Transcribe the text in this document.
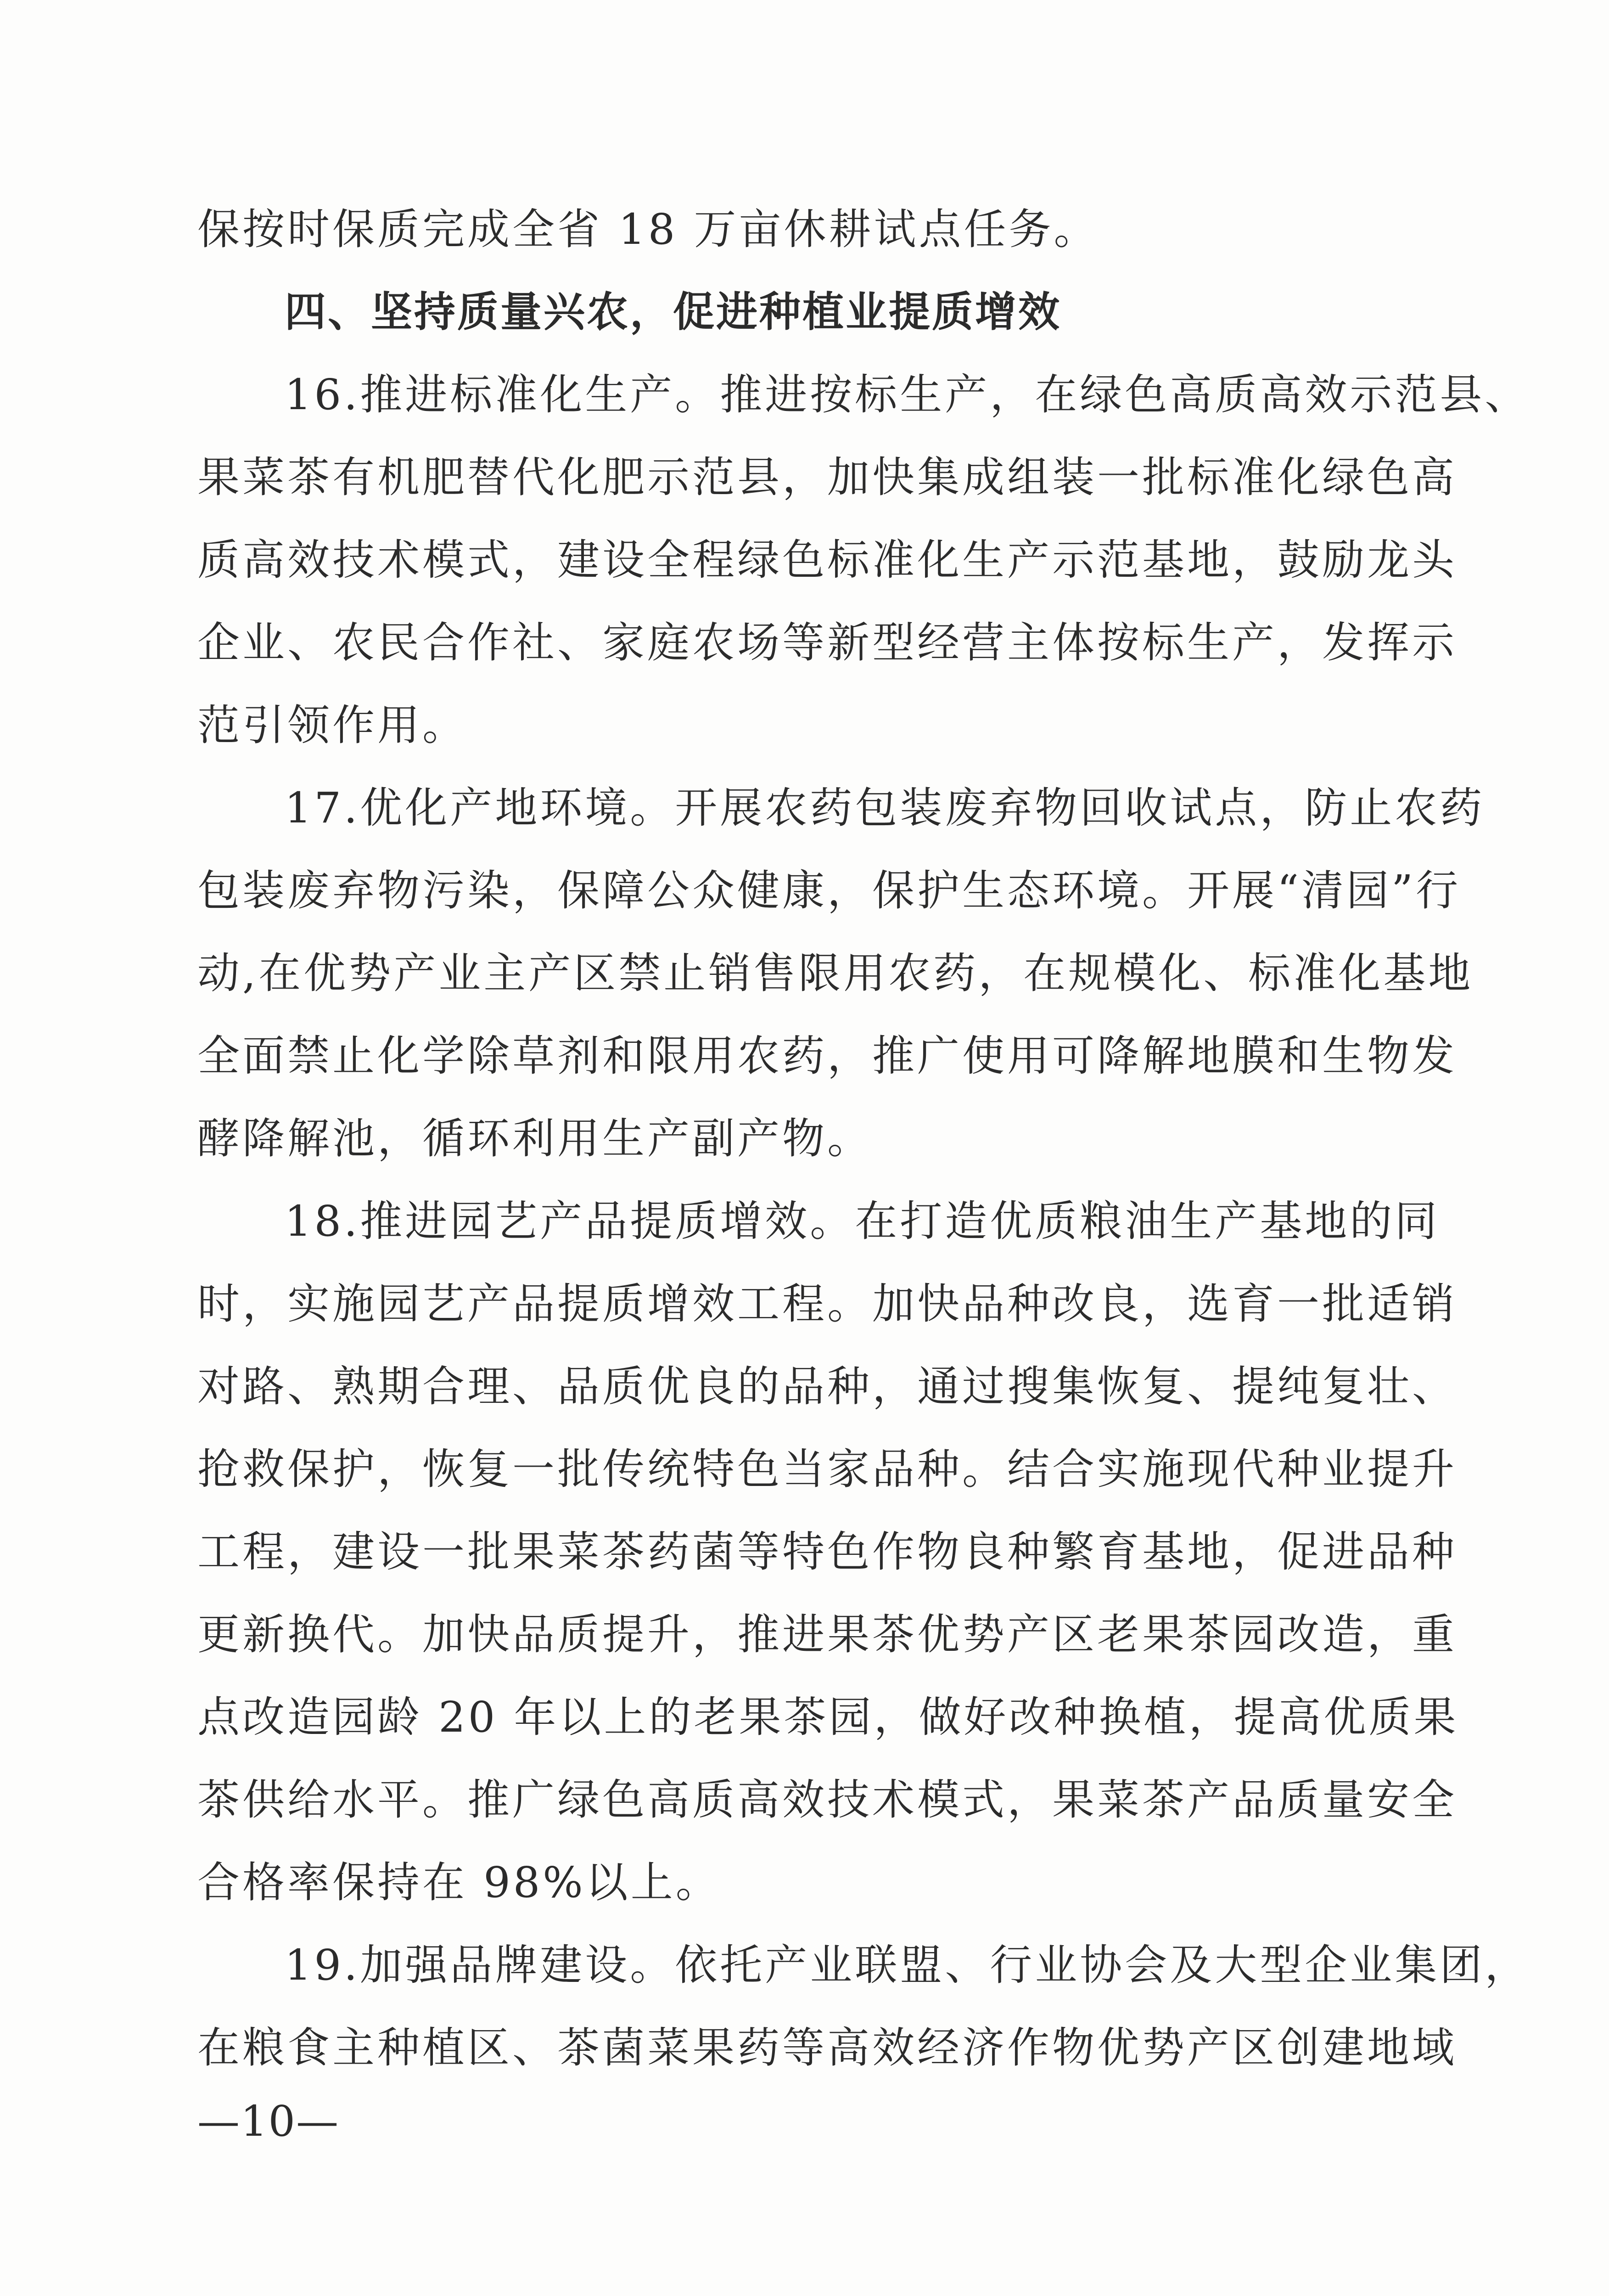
保按时保质完成全省 18 万亩休耕试点任务。
四、坚持质量兴农，促进种植业提质增效
16.推进标准化生产。推进按标生产，在绿色高质高效示范县、
果菜茶有机肥替代化肥示范县，加快集成组装一批标准化绿色高
质高效技术模式，建设全程绿色标准化生产示范基地，鼓励龙头
企业、农民合作社、家庭农场等新型经营主体按标生产，发挥示
范引领作用。
17.优化产地环境。开展农药包装废弃物回收试点，防止农药
包装废弃物污染，保障公众健康，保护生态环境。开展“清园”行
动,在优势产业主产区禁止销售限用农药，在规模化、标准化基地
全面禁止化学除草剂和限用农药，推广使用可降解地膜和生物发
酵降解池，循环利用生产副产物。
18.推进园艺产品提质增效。在打造优质粮油生产基地的同
时，实施园艺产品提质增效工程。加快品种改良，选育一批适销
对路、熟期合理、品质优良的品种，通过搜集恢复、提纯复壮、
抢救保护，恢复一批传统特色当家品种。结合实施现代种业提升
工程，建设一批果菜茶药菌等特色作物良种繁育基地，促进品种
更新换代。加快品质提升，推进果茶优势产区老果茶园改造，重
点改造园龄 20 年以上的老果茶园，做好改种换植，提高优质果
茶供给水平。推广绿色高质高效技术模式，果菜茶产品质量安全
合格率保持在 98%以上。
19.加强品牌建设。依托产业联盟、行业协会及大型企业集团，
在粮食主种植区、茶菌菜果药等高效经济作物优势产区创建地域
—10—
